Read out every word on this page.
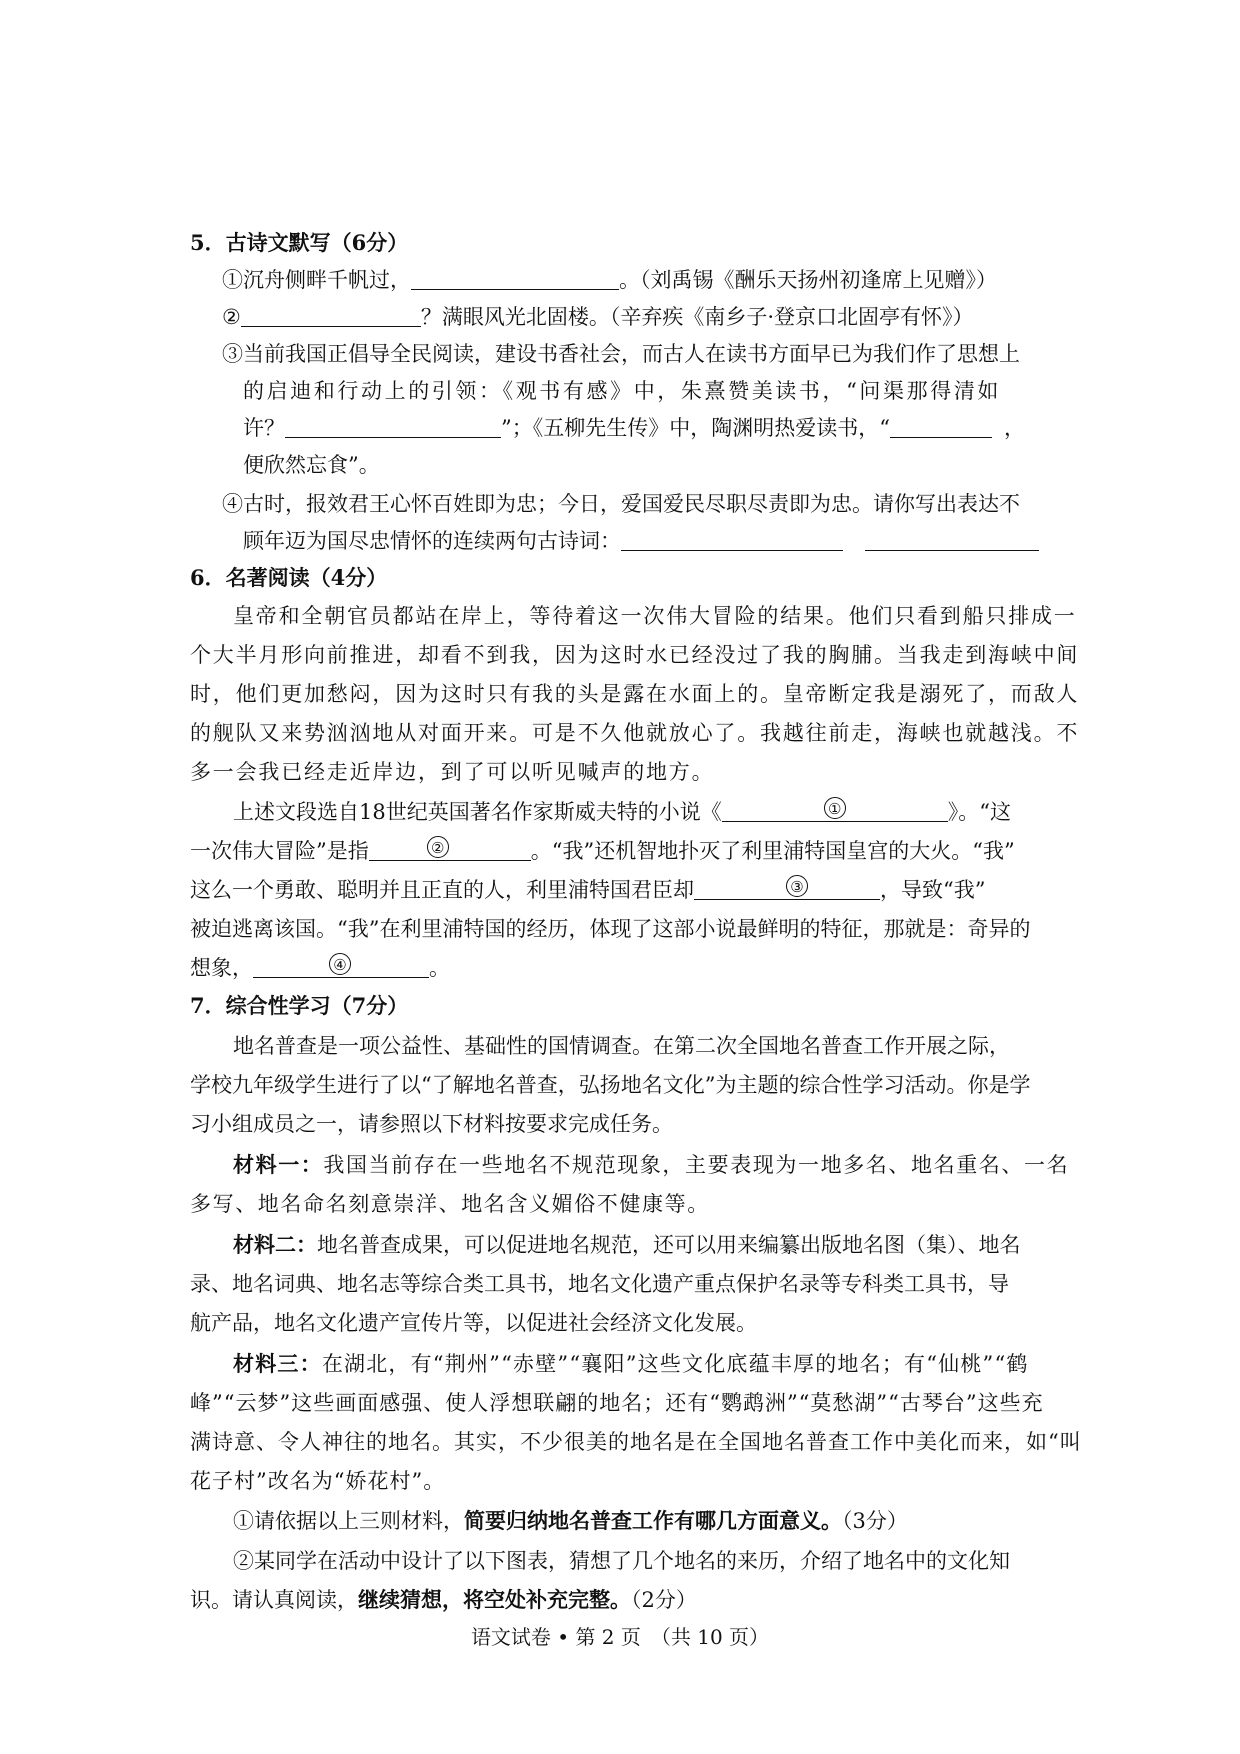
5．古诗文默写（6分）
①沉舟侧畔千帆过，	。（刘禹锡《酬乐天扬州初逢席上见赠》）
②	？满眼风光北固楼。（辛弃疾《南乡子·登京口北固亭有怀》）
③当前我国正倡导全民阅读，建设书香社会，而古人在读书方面早已为我们作了思想上
的启迪和行动上的引领：《观书有感》中，朱熹赞美读书，“问渠那得清如
许？	”；《五柳先生传》中，陶渊明热爱读书，“	，
便欣然忘食”。
④古时，报效君王心怀百姓即为忠；今日，爱国爱民尽职尽责即为忠。请你写出表达不
顾年迈为国尽忠情怀的连续两句古诗词：
6．名著阅读（4分）
皇帝和全朝官员都站在岸上，等待着这一次伟大冒险的结果。他们只看到船只排成一
个大半月形向前推进，却看不到我，因为这时水已经没过了我的胸脯。当我走到海峡中间
时，他们更加愁闷，因为这时只有我的头是露在水面上的。皇帝断定我是溺死了，而敌人
的舰队又来势汹汹地从对面开来。可是不久他就放心了。我越往前走，海峡也就越浅。不
多一会我已经走近岸边，到了可以听见喊声的地方。
上述文段选自18世纪英国著名作家斯威夫特的小说《	①	》。“这
一次伟大冒险”是指	②	。“我”还机智地扑灭了利里浦特国皇宫的大火。“我”
这么一个勇敢、聪明并且正直的人，利里浦特国君臣却	③	，导致“我”
被迫逃离该国。“我”在利里浦特国的经历，体现了这部小说最鲜明的特征，那就是：奇异的
想象，	④	。
7．综合性学习（7分）
地名普查是一项公益性、基础性的国情调查。在第二次全国地名普查工作开展之际，
学校九年级学生进行了以“了解地名普查，弘扬地名文化”为主题的综合性学习活动。你是学
习小组成员之一，请参照以下材料按要求完成任务。
材料一：我国当前存在一些地名不规范现象，主要表现为一地多名、地名重名、一名
多写、地名命名刻意崇洋、地名含义媚俗不健康等。
材料二：地名普查成果，可以促进地名规范，还可以用来编纂出版地名图（集）、地名
录、地名词典、地名志等综合类工具书，地名文化遗产重点保护名录等专科类工具书，导
航产品，地名文化遗产宣传片等，以促进社会经济文化发展。
材料三：在湖北，有“荆州”“赤壁”“襄阳”这些文化底蕴丰厚的地名；有“仙桃”“鹤
峰”“云梦”这些画面感强、使人浮想联翩的地名；还有“鹦鹉洲”“莫愁湖”“古琴台”这些充
满诗意、令人神往的地名。其实，不少很美的地名是在全国地名普查工作中美化而来，如“叫
花子村”改名为“娇花村”。
①请依据以上三则材料，简要归纳地名普查工作有哪几方面意义。（3分）
②某同学在活动中设计了以下图表，猜想了几个地名的来历，介绍了地名中的文化知
识。请认真阅读，继续猜想，将空处补充完整。（2分）
语文试卷 • 第 2 页　（共 10 页）
